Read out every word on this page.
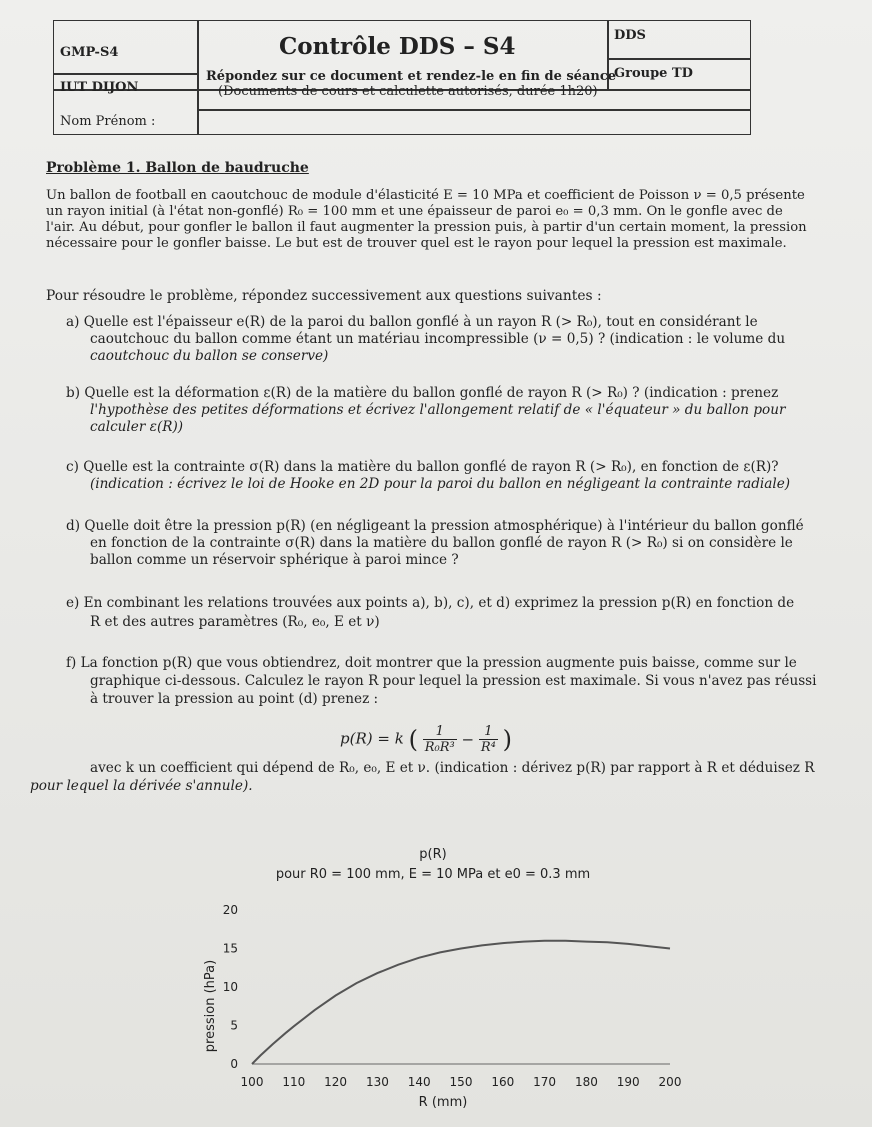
GMP-S4	Contrôle DDS – S4	DDS
IUT DIJON
Répondez sur ce document et rendez-le en fin de séance
(Documents de cours et calculette autorisés, durée 1h20)
Groupe TD
Nom Prénom :
Problème 1. Ballon de baudruche
Un ballon de football en caoutchouc de module d'élasticité E = 10 MPa et coefficient de Poisson ν = 0,5 présente
un rayon initial (à l'état non-gonflé) R₀ = 100 mm et une épaisseur de paroi e₀ = 0,3 mm. On le gonfle avec de
l'air. Au début, pour gonfler le ballon il faut augmenter la pression puis, à partir d'un certain moment, la pression
nécessaire pour le gonfler baisse. Le but est de trouver quel est le rayon pour lequel la pression est maximale.
Pour résoudre le problème, répondez successivement aux questions suivantes :
a) Quelle est l'épaisseur e(R) de la paroi du ballon gonflé à un rayon R (> R₀), tout en considérant le
caoutchouc du ballon comme étant un matériau incompressible (ν = 0,5) ? (indication : le volume du
caoutchouc du ballon se conserve)
b) Quelle est la déformation ε(R) de la matière du ballon gonflé de rayon R (> R₀) ? (indication : prenez
l'hypothèse des petites déformations et écrivez l'allongement relatif de « l'équateur » du ballon pour
calculer ε(R))
c) Quelle est la contrainte σ(R) dans la matière du ballon gonflé de rayon R (> R₀), en fonction de ε(R)?
(indication : écrivez le loi de Hooke en 2D pour la paroi du ballon en négligeant la contrainte radiale)
d) Quelle doit être la pression p(R) (en négligeant la pression atmosphérique) à l'intérieur du ballon gonflé
en fonction de la contrainte σ(R) dans la matière du ballon gonflé de rayon R (> R₀) si on considère le
ballon comme un réservoir sphérique à paroi mince ?
e) En combinant les relations trouvées aux points a), b), c), et d) exprimez la pression p(R) en fonction de
R et des autres paramètres (R₀, e₀, E et ν)
f) La fonction p(R) que vous obtiendrez, doit montrer que la pression augmente puis baisse, comme sur le
graphique ci-dessous. Calculez le rayon R pour lequel la pression est maximale. Si vous n'avez pas réussi
à trouver la pression au point (d) prenez :
p(R) = k ( $\frac{1}{\text{R₀R³}} - \frac{1}{\text{R⁴}}$ )
avec k un coefficient qui dépend de R₀, e₀, E et ν. (indication : dérivez p(R) par rapport à R et déduisez R
pour lequel la dérivée s'annule).
p(R)
pour R0 = 100 mm, E = 10 MPa et e0 = 0.3 mm
pression (hPa)
R (mm)
100 110 120 130 140 150 160 170 180 190 200
0
5
10
15
20
